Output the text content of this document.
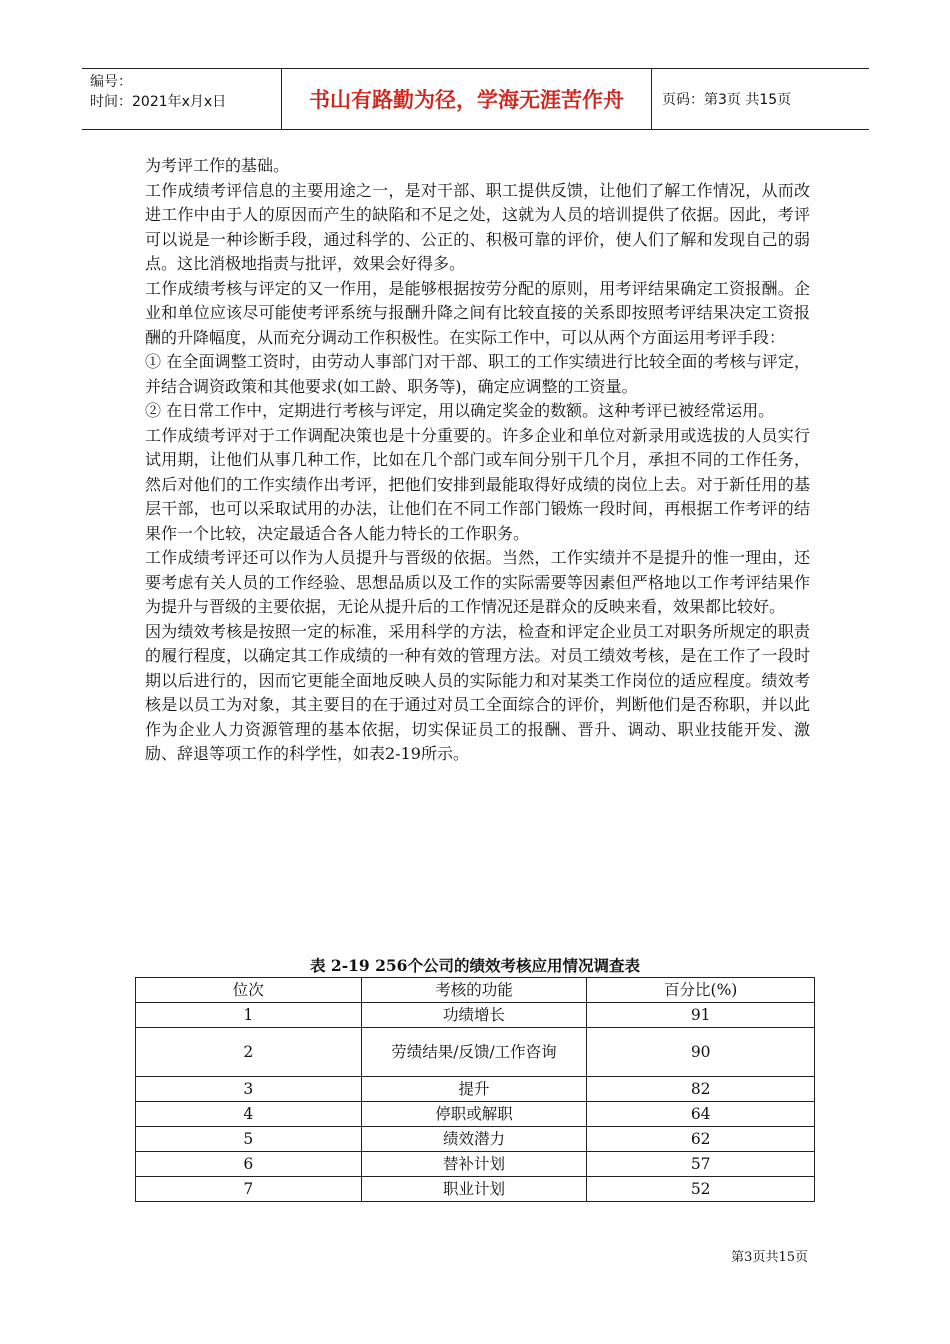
编号：
时间：2021年x月x日	书山有路勤为径，学海无涯苦作舟	页码：第3页 共15页

为考评工作的基础。

工作成绩考评信息的主要用途之一，是对干部、职工提供反馈，让他们了解工作情况，从而改进工作中由于人的原因而产生的缺陷和不足之处，这就为人员的培训提供了依据。因此，考评可以说是一种诊断手段，通过科学的、公正的、积极可靠的评价，使人们了解和发现自己的弱点。这比消极地指责与批评，效果会好得多。

工作成绩考核与评定的又一作用，是能够根据按劳分配的原则，用考评结果确定工资报酬。企业和单位应该尽可能使考评系统与报酬升降之间有比较直接的关系即按照考评结果决定工资报酬的升降幅度，从而充分调动工作积极性。在实际工作中，可以从两个方面运用考评手段：

① 在全面调整工资时，由劳动人事部门对干部、职工的工作实绩进行比较全面的考核与评定，并结合调资政策和其他要求(如工龄、职务等)，确定应调整的工资量。

② 在日常工作中，定期进行考核与评定，用以确定奖金的数额。这种考评已被经常运用。

工作成绩考评对于工作调配决策也是十分重要的。许多企业和单位对新录用或选拔的人员实行试用期，让他们从事几种工作，比如在几个部门或车间分别干几个月，承担不同的工作任务，然后对他们的工作实绩作出考评，把他们安排到最能取得好成绩的岗位上去。对于新任用的基层干部，也可以采取试用的办法，让他们在不同工作部门锻炼一段时间，再根据工作考评的结果作一个比较，决定最适合各人能力特长的工作职务。

工作成绩考评还可以作为人员提升与晋级的依据。当然，工作实绩并不是提升的惟一理由，还要考虑有关人员的工作经验、思想品质以及工作的实际需要等因素但严格地以工作考评结果作为提升与晋级的主要依据，无论从提升后的工作情况还是群众的反映来看，效果都比较好。

因为绩效考核是按照一定的标准，采用科学的方法，检查和评定企业员工对职务所规定的职责的履行程度，以确定其工作成绩的一种有效的管理方法。对员工绩效考核，是在工作了一段时期以后进行的，因而它更能全面地反映人员的实际能力和对某类工作岗位的适应程度。绩效考核是以员工为对象，其主要目的在于通过对员工全面综合的评价，判断他们是否称职，并以此作为企业人力资源管理的基本依据，切实保证员工的报酬、晋升、调动、职业技能开发、激励、辞退等项工作的科学性，如表2-19所示。

表 2-19 256个公司的绩效考核应用情况调查表
位次	考核的功能	百分比(%)
1	功绩增长	91
2	劳绩结果/反馈/工作咨询	90
3	提升	82
4	停职或解职	64
5	绩效潜力	62
6	替补计划	57
7	职业计划	52
第3页共15页
